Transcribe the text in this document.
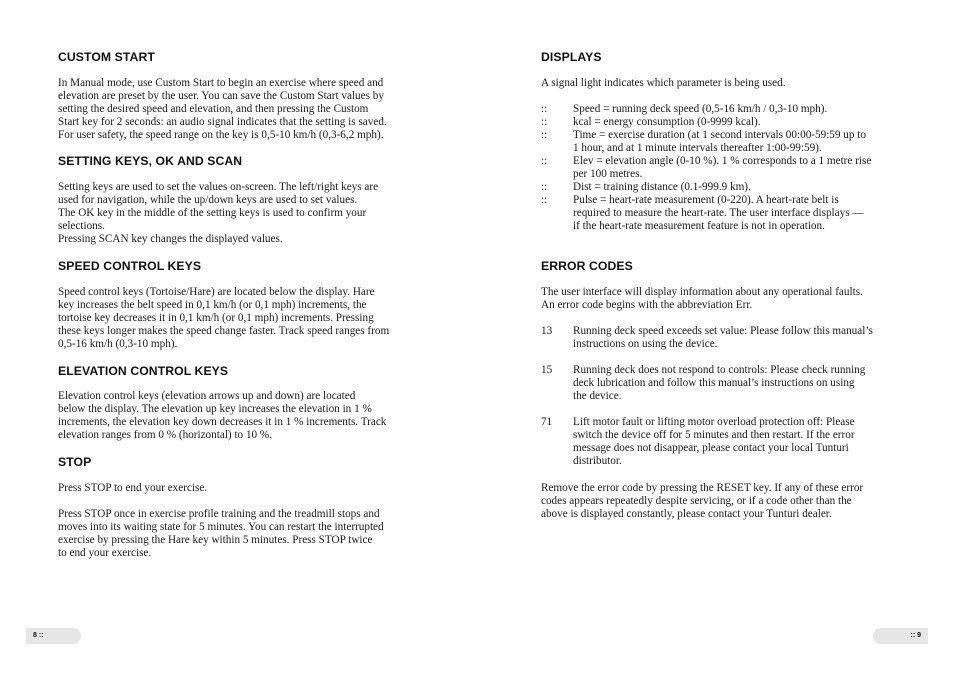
CUSTOM START

In Manual mode, use Custom Start to begin an exercise where speed and
elevation are preset by the user. You can save the Custom Start values by
setting the desired speed and elevation, and then pressing the Custom
Start key for 2 seconds: an audio signal indicates that the setting is saved.
For user safety, the speed range on the key is 0,5-10 km/h (0,3-6,2 mph).

SETTING KEYS, OK AND SCAN

Setting keys are used to set the values on-screen. The left/right keys are
used for navigation, while the up/down keys are used to set values.
The OK key in the middle of the setting keys is used to confirm your
selections.
Pressing SCAN key changes the displayed values.

SPEED CONTROL KEYS

Speed control keys (Tortoise/Hare) are located below the display. Hare
key increases the belt speed in 0,1 km/h (or 0,1 mph) increments, the
tortoise key decreases it in 0,1 km/h (or 0,1 mph) increments. Pressing
these keys longer makes the speed change faster. Track speed ranges from
0,5-16 km/h (0,3-10 mph).

ELEVATION CONTROL KEYS

Elevation control keys (elevation arrows up and down) are located
below the display. The elevation up key increases the elevation in 1 %
increments, the elevation key down decreases it in 1 % increments. Track
elevation ranges from 0 % (horizontal) to 10 %.

STOP

Press STOP to end your exercise.

Press STOP once in exercise profile training and the treadmill stops and
moves into its waiting state for 5 minutes. You can restart the interrupted
exercise by pressing the Hare key within 5 minutes. Press STOP twice
to end your exercise.

DISPLAYS

A signal light indicates which parameter is being used.

:: Speed = running deck speed (0,5-16 km/h / 0,3-10 mph).
:: kcal = energy consumption (0-9999 kcal).
:: Time = exercise duration (at 1 second intervals 00:00-59:59 up to
1 hour, and at 1 minute intervals thereafter 1:00-99:59).
:: Elev = elevation angle (0-10 %). 1 % corresponds to a 1 metre rise
per 100 metres.
:: Dist = training distance (0.1-999.9 km).
:: Pulse = heart-rate measurement (0-220). A heart-rate belt is
required to measure the heart-rate. The user interface displays —
if the heart-rate measurement feature is not in operation.
ERROR CODES

The user interface will display information about any operational faults.
An error code begins with the abbreviation Err.

13 Running deck speed exceeds set value: Please follow this manual’s
instructions on using the device.
15 Running deck does not respond to controls: Please check running
deck lubrication and follow this manual’s instructions on using
the device.
71 Lift motor fault or lifting motor overload protection off: Please
switch the device off for 5 minutes and then restart. If the error
message does not disappear, please contact your local Tunturi
distributor.

Remove the error code by pressing the RESET key. If any of these error
codes appears repeatedly despite servicing, or if a code other than the
above is displayed constantly, please contact your Tunturi dealer.

8 ::	:: 9
